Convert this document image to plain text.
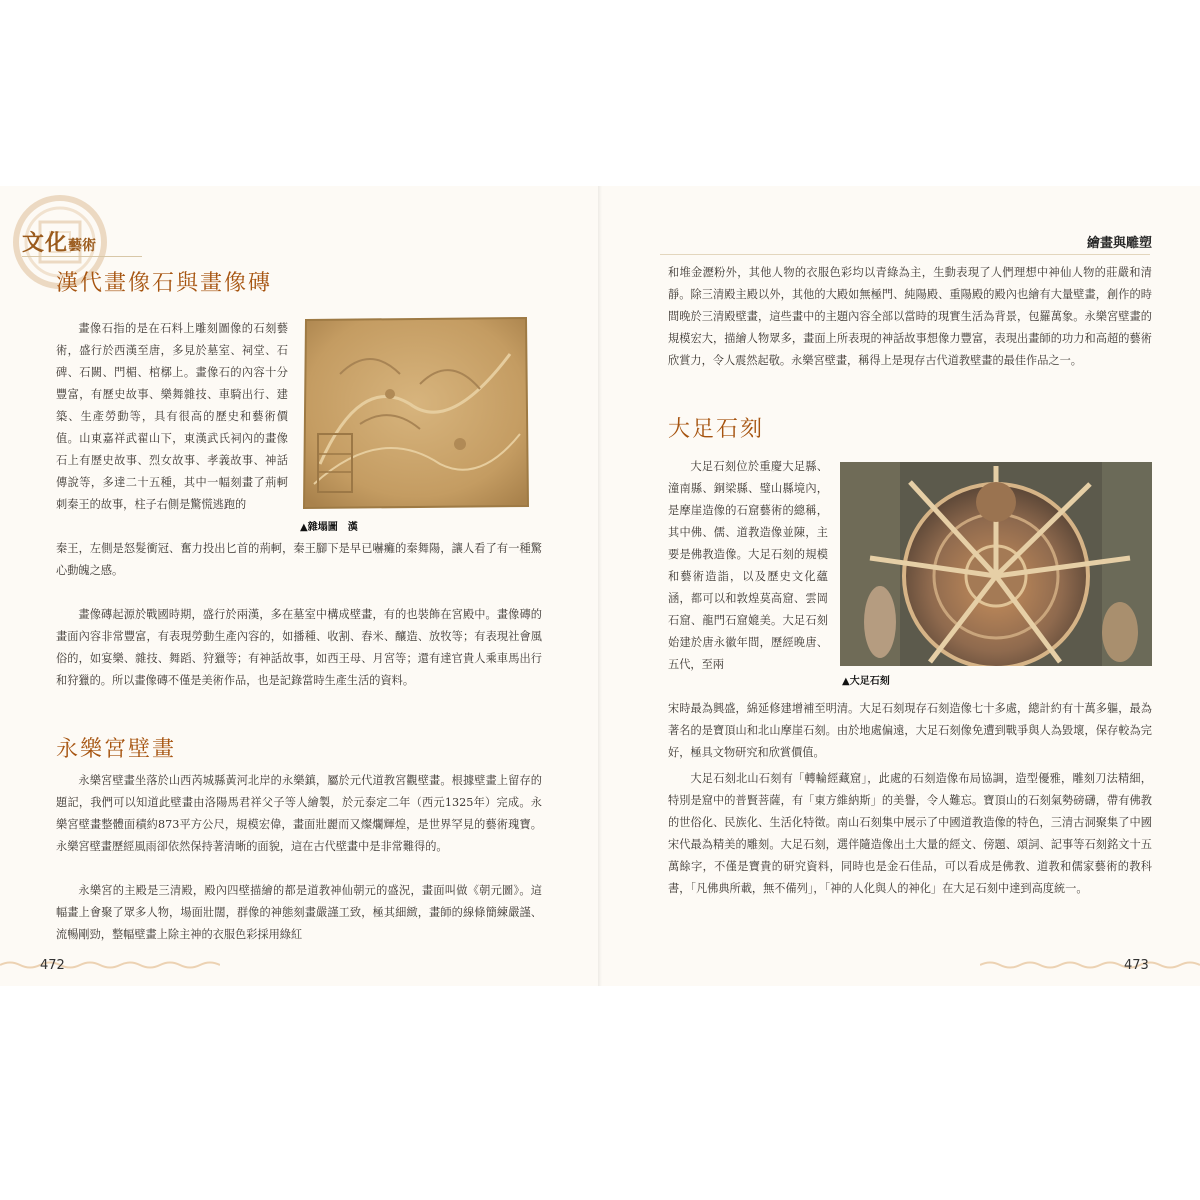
文化藝術	繪畫與雕塑
漢代畫像石與畫像磚

畫像石指的是在石料上雕刻圖像的石刻藝術，盛行於西漢至唐，多見於墓室、祠堂、石碑、石闕、門楣、棺槨上。畫像石的內容十分豐富，有歷史故事、樂舞雜技、車騎出行、建築、生產勞動等，具有很高的歷史和藝術價值。山東嘉祥武翟山下，東漢武氏祠內的畫像石上有歷史故事、烈女故事、孝義故事、神話傳說等，多達二十五種，其中一幅刻畫了荊軻刺秦王的故事，柱子右側是驚慌逃跑的

▲雜塌圖　漢

秦王，左側是怒髮衝冠、奮力投出匕首的荊軻，秦王腳下是早已嚇癱的秦舞陽，讓人看了有一種驚心動魄之感。

畫像磚起源於戰國時期，盛行於兩漢，多在墓室中構成壁畫，有的也裝飾在宮殿中。畫像磚的畫面內容非常豐富，有表現勞動生產內容的，如播種、收割、舂米、釀造、放牧等；有表現社會風俗的，如宴樂、雜技、舞蹈、狩獵等；有神話故事，如西王母、月宮等；還有達官貴人乘車馬出行和狩獵的。所以畫像磚不僅是美術作品，也是記錄當時生產生活的資料。

永樂宮壁畫

永樂宮壁畫坐落於山西芮城縣黃河北岸的永樂鎮，屬於元代道教宮觀壁畫。根據壁畫上留存的題記，我們可以知道此壁畫由洛陽馬君祥父子等人繪製，於元泰定二年（西元1325年）完成。永樂宮壁畫整體面積約873平方公尺，規模宏偉，畫面壯麗而又燦爛輝煌，是世界罕見的藝術瑰寶。永樂宮壁畫歷經風雨卻依然保持著清晰的面貌，這在古代壁畫中是非常難得的。

永樂宮的主殿是三清殿，殿內四壁描繪的都是道教神仙朝元的盛況，畫面叫做《朝元圖》。這幅畫上會聚了眾多人物，場面壯闊，群像的神態刻畫嚴謹工致，極其細緻，畫師的線條簡練嚴謹、流暢剛勁，整幅壁畫上除主神的衣服色彩採用綠紅

472

和堆金瀝粉外，其他人物的衣服色彩均以青綠為主，生動表現了人們理想中神仙人物的莊嚴和清靜。除三清殿主殿以外，其他的大殿如無極門、純陽殿、重陽殿的殿內也繪有大量壁畫，創作的時間晚於三清殿壁畫，這些畫中的主題內容全部以當時的現實生活為背景，包羅萬象。永樂宮壁畫的規模宏大，描繪人物眾多，畫面上所表現的神話故事想像力豐富，表現出畫師的功力和高超的藝術欣賞力，令人震然起敬。永樂宮壁畫，稱得上是現存古代道教壁畫的最佳作品之一。

大足石刻

大足石刻位於重慶大足縣、潼南縣、銅梁縣、璧山縣境內，是摩崖造像的石窟藝術的總稱，其中佛、儒、道教造像並陳，主要是佛教造像。大足石刻的規模和藝術造詣，以及歷史文化蘊涵，都可以和敦煌莫高窟、雲岡石窟、龍門石窟媲美。大足石刻始建於唐永徽年間，歷經晚唐、五代，至兩

▲大足石刻

宋時最為興盛，綿延修建增補至明清。大足石刻現存石刻造像七十多處，總計約有十萬多軀，最為著名的是寶頂山和北山摩崖石刻。由於地處偏遠，大足石刻像免遭到戰爭與人為毀壞，保存較為完好，極具文物研究和欣賞價值。

大足石刻北山石刻有「轉輪經藏窟」，此處的石刻造像布局協調，造型優雅，雕刻刀法精細，特別是窟中的普賢菩薩，有「東方維納斯」的美譽，令人難忘。寶頂山的石刻氣勢磅礴，帶有佛教的世俗化、民族化、生活化特徵。南山石刻集中展示了中國道教造像的特色，三清古洞聚集了中國宋代最為精美的雕刻。大足石刻，選伴隨造像出土大量的經文、傍題、頌詞、記事等石刻銘文十五萬餘字，不僅是寶貴的研究資料，同時也是金石佳品，可以看成是佛教、道教和儒家藝術的教科書，「凡佛典所載，無不備列」，「神的人化與人的神化」在大足石刻中達到高度統一。

473
